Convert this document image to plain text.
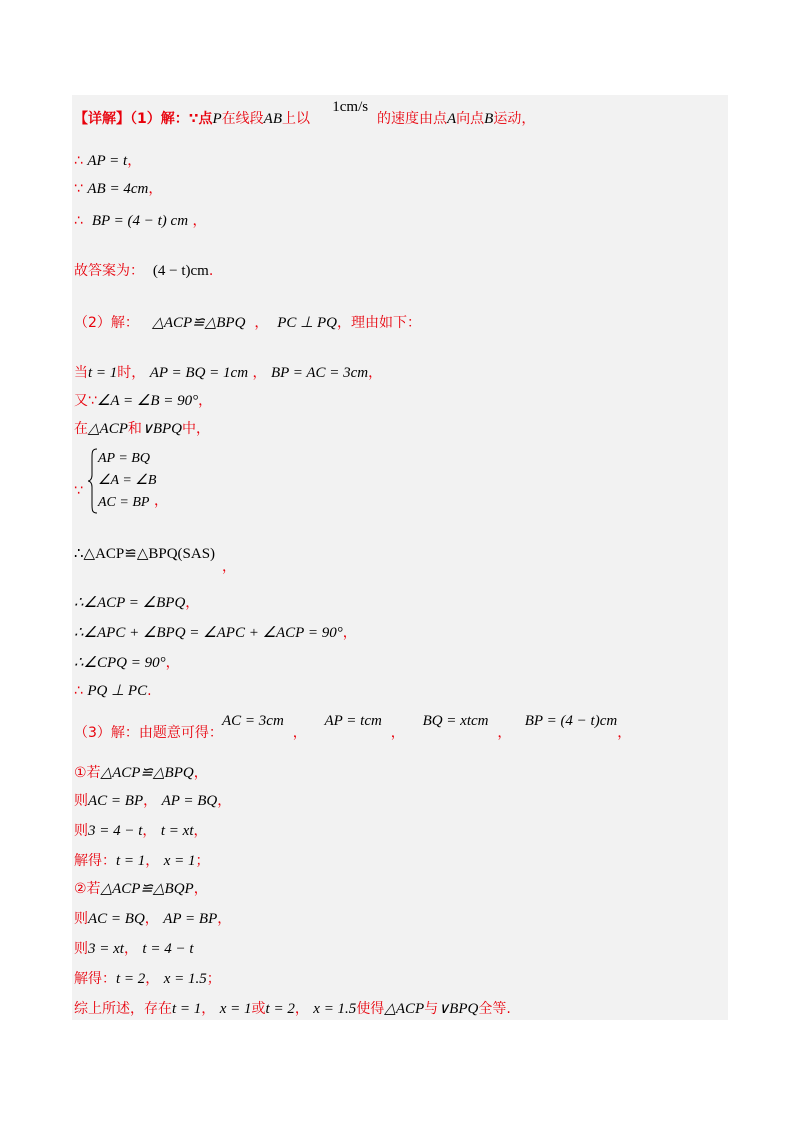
【详解】（1）解：∵点P在线段AB上以     1cm/s  的速度由点A向点B运动，
∴ AP = t，
∵ AB = 4cm，
∴ BP = (4 − t) cm ，
故答案为： (4 − t)cm.
（2）解： △ACP≌△BPQ ， PC ⊥ PQ，理由如下：
当t = 1时， AP = BQ = 1cm ， BP = AC = 3cm，
又∵∠A = ∠B = 90°，
在△ACP和∨BPQ中，
∵
AP = BQ
∠A = ∠B
AC = BP ，
∴△ACP≌△BPQ(SAS)
，
∴∠ACP = ∠BPQ，
∴∠APC + ∠BPQ = ∠APC + ∠ACP = 90°，
∴∠CPQ = 90°，
∴ PQ ⊥ PC.
（3）解：由题意可得：
AC = 3cm  ，    AP = tcm  ，    BQ = xtcm  ，   BP = (4 − t)cm，
①若△ACP≌△BPQ，
则AC = BP， AP = BQ，
则3 = 4 − t， t = xt，
解得：t = 1， x = 1；
②若△ACP≌△BQP，
则AC = BQ， AP = BP，
则3 = xt， t = 4 − t
解得：t = 2， x = 1.5；
综上所述，存在t = 1， x = 1或t = 2， x = 1.5使得△ACP与∨BPQ全等.
